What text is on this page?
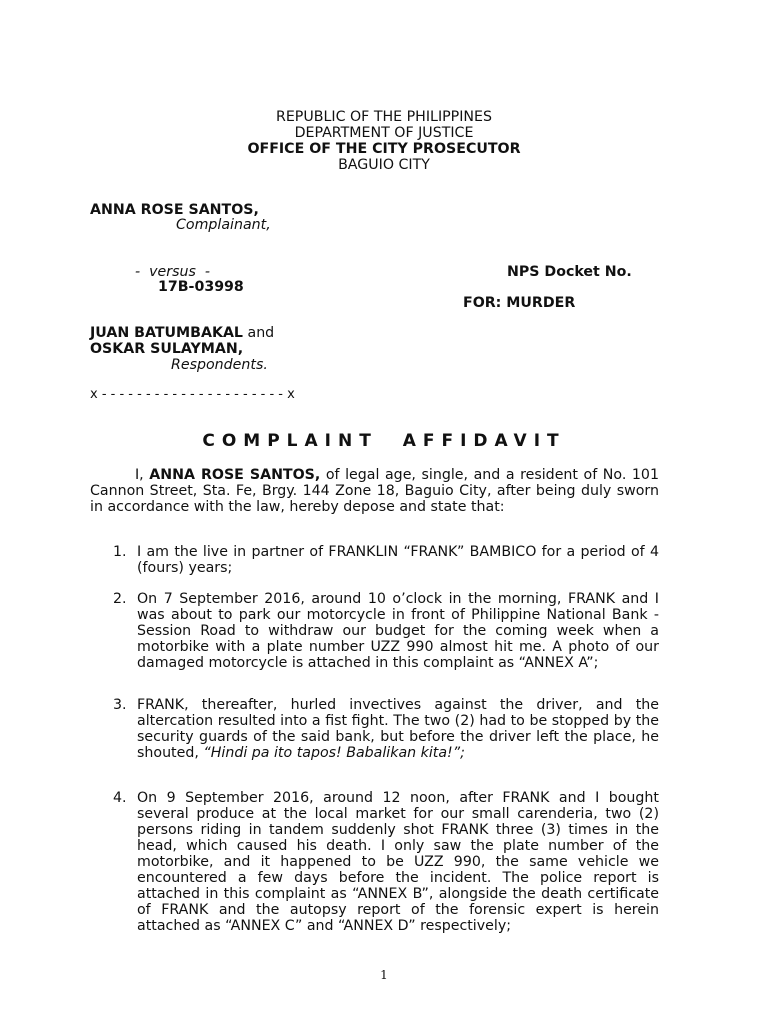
REPUBLIC OF THE PHILIPPINES
DEPARTMENT OF JUSTICE
OFFICE OF THE CITY PROSECUTOR
BAGUIO CITY
ANNA ROSE SANTOS,
Complainant,
-  versus  -	NPS Docket No.
17B-03998
FOR: MURDER
JUAN BATUMBAKAL and
OSKAR SULAYMAN,
Respondents.
x - - - - - - - - - - - - - - - - - - - - - x
COMPLAINT AFFIDAVIT
I, ANNA ROSE SANTOS, of legal age, single, and a resident of No. 101 Cannon Street, Sta. Fe, Brgy. 144 Zone 18, Baguio City, after being duly sworn in accordance with the law, hereby depose and state that:
1. I am the live in partner of FRANKLIN “FRANK” BAMBICO for a period of 4 (fours) years;
2. On 7 September 2016, around 10 o’clock in the morning, FRANK and I was about to park our motorcycle in front of Philippine National Bank - Session Road to withdraw our budget for the coming week when a motorbike with a plate number UZZ 990 almost hit me. A photo of our damaged motorcycle is attached in this complaint as “ANNEX A”;
3. FRANK, thereafter, hurled invectives against the driver, and the altercation resulted into a fist fight. The two (2) had to be stopped by the security guards of the said bank, but before the driver left the place, he shouted, “Hindi pa ito tapos! Babalikan kita!”;
4. On 9 September 2016, around 12 noon, after FRANK and I bought several produce at the local market for our small carenderia, two (2) persons riding in tandem suddenly shot FRANK three (3) times in the head, which caused his death. I only saw the plate number of the motorbike, and it happened to be UZZ 990, the same vehicle we encountered a few days before the incident. The police report is attached in this complaint as “ANNEX B”, alongside the death certificate of FRANK and the autopsy report of the forensic expert is herein attached as “ANNEX C” and “ANNEX D” respectively;
1
